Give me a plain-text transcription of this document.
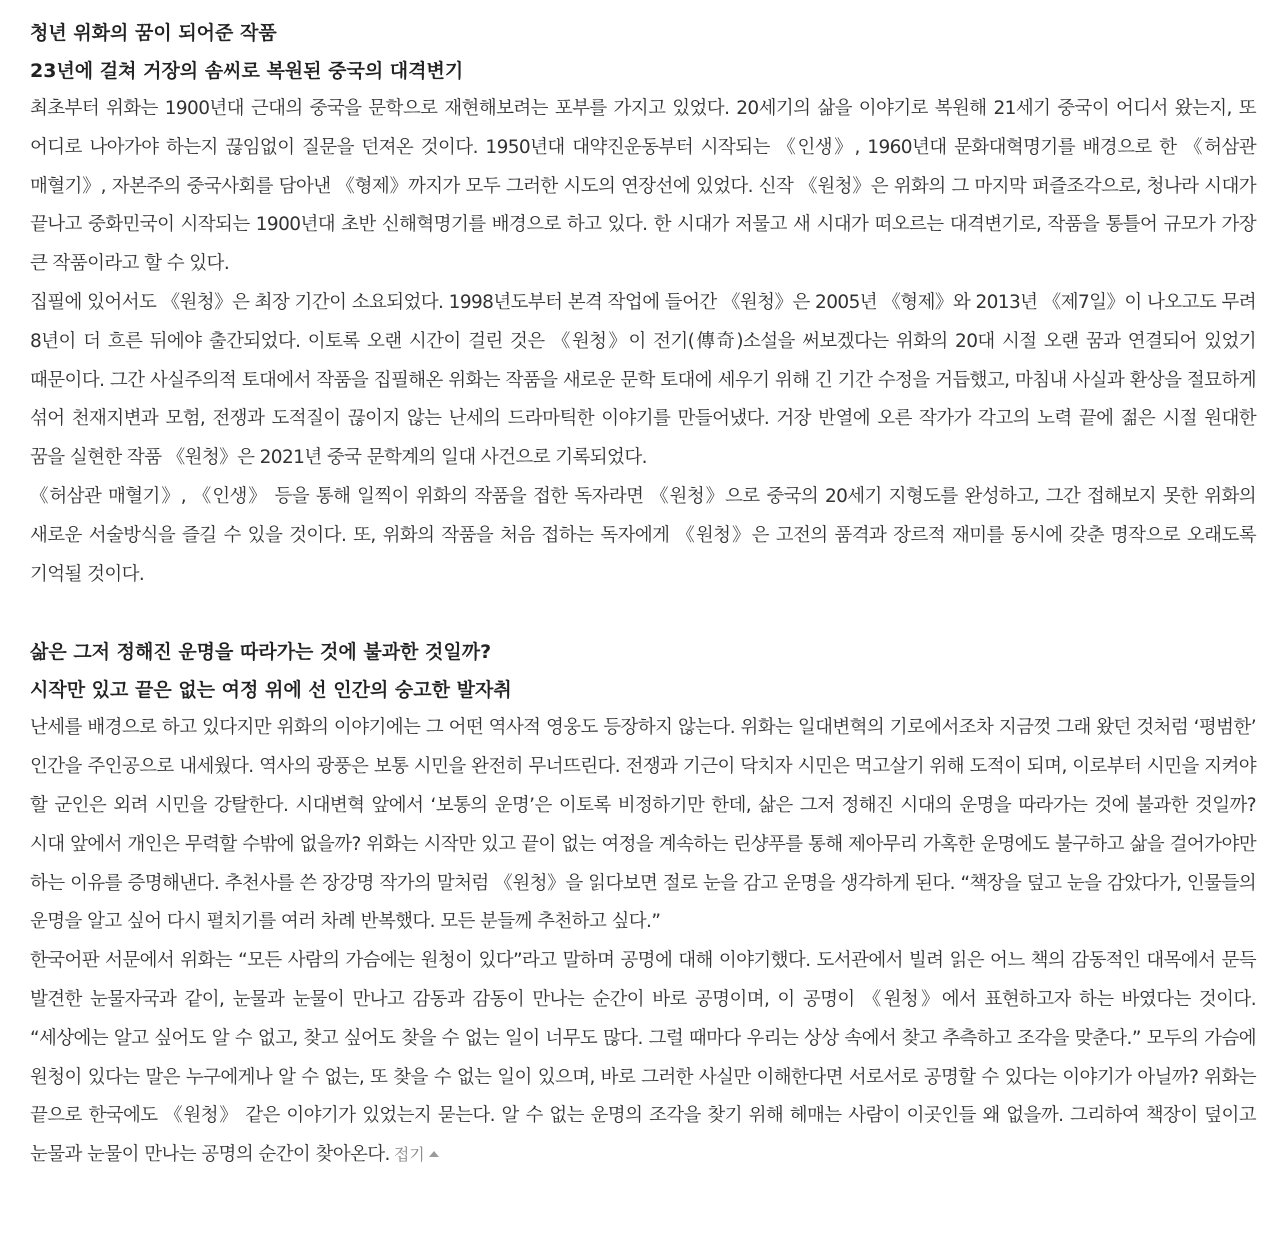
청년 위화의 꿈이 되어준 작품

23년에 걸쳐 거장의 솜씨로 복원된 중국의 대격변기

최초부터 위화는 1900년대 근대의 중국을 문학으로 재현해보려는 포부를 가지고 있었다. 20세기의 삶을 이야기로 복원해 21세기 중국이 어디서 왔는지, 또 어디로 나아가야 하는지 끊임없이 질문을 던져온 것이다. 1950년대 대약진운동부터 시작되는 《인생》, 1960년대 문화대혁명기를 배경으로 한 《허삼관 매혈기》, 자본주의 중국사회를 담아낸 《형제》까지가 모두 그러한 시도의 연장선에 있었다. 신작 《원청》은 위화의 그 마지막 퍼즐조각으로, 청나라 시대가 끝나고 중화민국이 시작되는 1900년대 초반 신해혁명기를 배경으로 하고 있다. 한 시대가 저물고 새 시대가 떠오르는 대격변기로, 작품을 통틀어 규모가 가장 큰 작품이라고 할 수 있다.

집필에 있어서도 《원청》은 최장 기간이 소요되었다. 1998년도부터 본격 작업에 들어간 《원청》은 2005년 《형제》와 2013년 《제7일》이 나오고도 무려 8년이 더 흐른 뒤에야 출간되었다. 이토록 오랜 시간이 걸린 것은 《원청》이 전기(傳奇)소설을 써보겠다는 위화의 20대 시절 오랜 꿈과 연결되어 있었기 때문이다. 그간 사실주의적 토대에서 작품을 집필해온 위화는 작품을 새로운 문학 토대에 세우기 위해 긴 기간 수정을 거듭했고, 마침내 사실과 환상을 절묘하게 섞어 천재지변과 모험, 전쟁과 도적질이 끊이지 않는 난세의 드라마틱한 이야기를 만들어냈다. 거장 반열에 오른 작가가 각고의 노력 끝에 젊은 시절 원대한 꿈을 실현한 작품 《원청》은 2021년 중국 문학계의 일대 사건으로 기록되었다.

《허삼관 매혈기》, 《인생》 등을 통해 일찍이 위화의 작품을 접한 독자라면 《원청》으로 중국의 20세기 지형도를 완성하고, 그간 접해보지 못한 위화의 새로운 서술방식을 즐길 수 있을 것이다. 또, 위화의 작품을 처음 접하는 독자에게 《원청》은 고전의 품격과 장르적 재미를 동시에 갖춘 명작으로 오래도록 기억될 것이다.

삶은 그저 정해진 운명을 따라가는 것에 불과한 것일까?

시작만 있고 끝은 없는 여정 위에 선 인간의 숭고한 발자취

난세를 배경으로 하고 있다지만 위화의 이야기에는 그 어떤 역사적 영웅도 등장하지 않는다. 위화는 일대변혁의 기로에서조차 지금껏 그래 왔던 것처럼 ‘평범한’ 인간을 주인공으로 내세웠다. 역사의 광풍은 보통 시민을 완전히 무너뜨린다. 전쟁과 기근이 닥치자 시민은 먹고살기 위해 도적이 되며, 이로부터 시민을 지켜야 할 군인은 외려 시민을 강탈한다. 시대변혁 앞에서 ‘보통의 운명’은 이토록 비정하기만 한데, 삶은 그저 정해진 시대의 운명을 따라가는 것에 불과한 것일까? 시대 앞에서 개인은 무력할 수밖에 없을까? 위화는 시작만 있고 끝이 없는 여정을 계속하는 린샹푸를 통해 제아무리 가혹한 운명에도 불구하고 삶을 걸어가야만 하는 이유를 증명해낸다. 추천사를 쓴 장강명 작가의 말처럼 《원청》을 읽다보면 절로 눈을 감고 운명을 생각하게 된다. “책장을 덮고 눈을 감았다가, 인물들의 운명을 알고 싶어 다시 펼치기를 여러 차례 반복했다. 모든 분들께 추천하고 싶다.”

한국어판 서문에서 위화는 “모든 사람의 가슴에는 원청이 있다”라고 말하며 공명에 대해 이야기했다. 도서관에서 빌려 읽은 어느 책의 감동적인 대목에서 문득 발견한 눈물자국과 같이, 눈물과 눈물이 만나고 감동과 감동이 만나는 순간이 바로 공명이며, 이 공명이 《원청》에서 표현하고자 하는 바였다는 것이다. “세상에는 알고 싶어도 알 수 없고, 찾고 싶어도 찾을 수 없는 일이 너무도 많다. 그럴 때마다 우리는 상상 속에서 찾고 추측하고 조각을 맞춘다.” 모두의 가슴에 원청이 있다는 말은 누구에게나 알 수 없는, 또 찾을 수 없는 일이 있으며, 바로 그러한 사실만 이해한다면 서로서로 공명할 수 있다는 이야기가 아닐까? 위화는 끝으로 한국에도 《원청》 같은 이야기가 있었는지 묻는다. 알 수 없는 운명의 조각을 찾기 위해 헤매는 사람이 이곳인들 왜 없을까. 그리하여 책장이 덮이고 눈물과 눈물이 만나는 공명의 순간이 찾아온다. 접기
